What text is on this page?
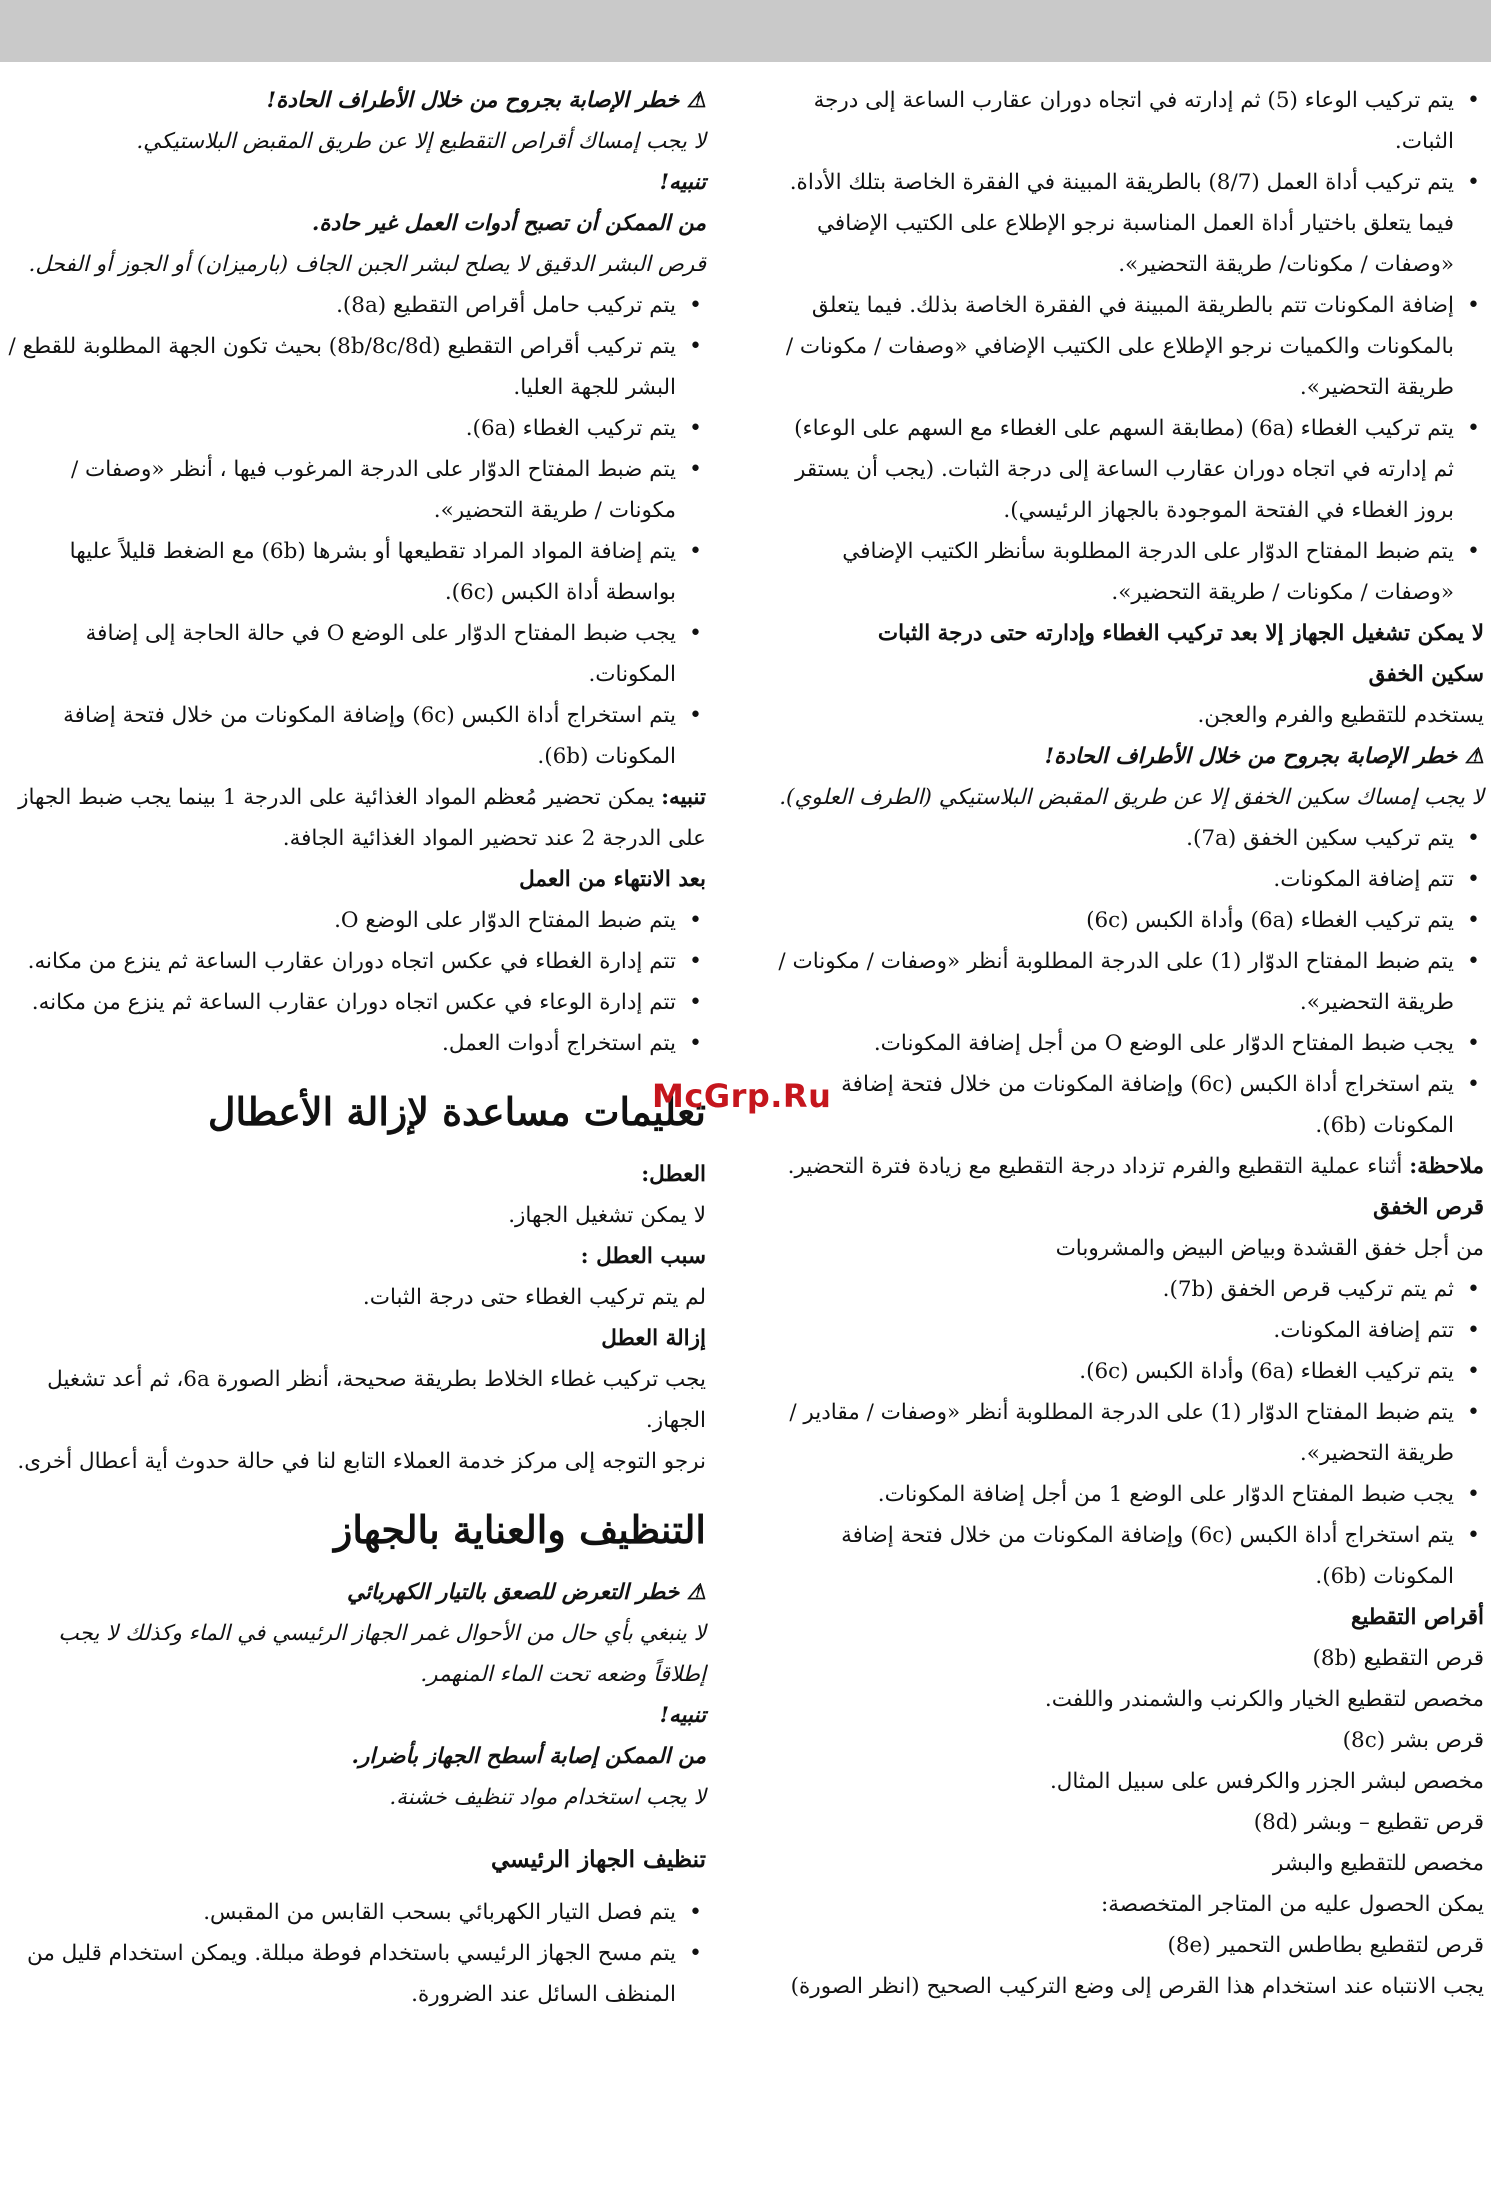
• يتم تركيب الوعاء (5) ثم إدارته في اتجاه دوران عقارب الساعة إلى درجة الثبات.

• يتم تركيب أداة العمل (8/7) بالطريقة المبينة في الفقرة الخاصة بتلك الأداة. فيما يتعلق باختيار أداة العمل المناسبة نرجو الإطلاع على الكتيب الإضافي «وصفات / مكونات/ طريقة التحضير».

• إضافة المكونات تتم بالطريقة المبينة في الفقرة الخاصة بذلك. فيما يتعلق بالمكونات والكميات نرجو الإطلاع على الكتيب الإضافي «وصفات / مكونات / طريقة التحضير».

• يتم تركيب الغطاء (6a) (مطابقة السهم على الغطاء مع السهم على الوعاء) ثم إدارته في اتجاه دوران عقارب الساعة إلى درجة الثبات. (يجب أن يستقر بروز الغطاء في الفتحة الموجودة بالجهاز الرئيسي).

• يتم ضبط المفتاح الدوّار على الدرجة المطلوبة سأنظر الكتيب الإضافي «وصفات / مكونات / طريقة التحضير».

لا يمكن تشغيل الجهاز إلا بعد تركيب الغطاء وإدارته حتى درجة الثبات

سكين الخفق

يستخدم للتقطيع والفرم والعجن.

⚠ خطر الإصابة بجروح من خلال الأطراف الحادة!

لا يجب إمساك سكين الخفق إلا عن طريق المقبض البلاستيكي (الطرف العلوي).

• يتم تركيب سكين الخفق (7a).

• تتم إضافة المكونات.

• يتم تركيب الغطاء (6a) وأداة الكبس (6c)

• يتم ضبط المفتاح الدوّار (1) على الدرجة المطلوبة أنظر «وصفات / مكونات / طريقة التحضير».

• يجب ضبط المفتاح الدوّار على الوضع O من أجل إضافة المكونات.

• يتم استخراج أداة الكبس (6c) وإضافة المكونات من خلال فتحة إضافة المكونات (6b).

ملاحظة: أثناء عملية التقطيع والفرم تزداد درجة التقطيع مع زيادة فترة التحضير.

قرص الخفق

من أجل خفق القشدة وبياض البيض والمشروبات

• ثم يتم تركيب قرص الخفق (7b).

• تتم إضافة المكونات.

• يتم تركيب الغطاء (6a) وأداة الكبس (6c).

• يتم ضبط المفتاح الدوّار (1) على الدرجة المطلوبة أنظر «وصفات / مقادير / طريقة التحضير».

• يجب ضبط المفتاح الدوّار على الوضع 1 من أجل إضافة المكونات.

• يتم استخراج أداة الكبس (6c) وإضافة المكونات من خلال فتحة إضافة المكونات (6b).

أقراص التقطيع

قرص التقطيع (8b)

مخصص لتقطيع الخيار والكرنب والشمندر واللفت.

قرص بشر (8c)

مخصص لبشر الجزر والكرفس على سبيل المثال.

قرص تقطيع – وبشر (8d)

مخصص للتقطيع والبشر

يمكن الحصول عليه من المتاجر المتخصصة:

قرص لتقطيع بطاطس التحمير (8e)

يجب الانتباه عند استخدام هذا القرص إلى وضع التركيب الصحيح (انظر الصورة)

⚠ خطر الإصابة بجروح من خلال الأطراف الحادة!

لا يجب إمساك أقراص التقطيع إلا عن طريق المقبض البلاستيكي.

تنبيه!

من الممكن أن تصبح أدوات العمل غير حادة.

قرص البشر الدقيق لا يصلح لبشر الجبن الجاف (بارميزان) أو الجوز أو الفحل.

• يتم تركيب حامل أقراص التقطيع (8a).

• يتم تركيب أقراص التقطيع (8b/8c/8d) بحيث تكون الجهة المطلوبة للقطع / البشر للجهة العليا.

• يتم تركيب الغطاء (6a).

• يتم ضبط المفتاح الدوّار على الدرجة المرغوب فيها ، أنظر «وصفات / مكونات / طريقة التحضير».

• يتم إضافة المواد المراد تقطيعها أو بشرها (6b) مع الضغط قليلاً عليها بواسطة أداة الكبس (6c).

• يجب ضبط المفتاح الدوّار على الوضع O في حالة الحاجة إلى إضافة المكونات.

• يتم استخراج أداة الكبس (6c) وإضافة المكونات من خلال فتحة إضافة المكونات (6b).

تنبيه: يمكن تحضير مُعظم المواد الغذائية على الدرجة 1 بينما يجب ضبط الجهاز على الدرجة 2 عند تحضير المواد الغذائية الجافة.

بعد الانتهاء من العمل

• يتم ضبط المفتاح الدوّار على الوضع O.

• تتم إدارة الغطاء في عكس اتجاه دوران عقارب الساعة ثم ينزع من مكانه.

• تتم إدارة الوعاء في عكس اتجاه دوران عقارب الساعة ثم ينزع من مكانه.

• يتم استخراج أدوات العمل.

تعليمات مساعدة لإزالة الأعطال

العطل:

لا يمكن تشغيل الجهاز.

سبب العطل :

لم يتم تركيب الغطاء حتى درجة الثبات.

إزالة العطل

يجب تركيب غطاء الخلاط بطريقة صحيحة، أنظر الصورة 6a، ثم أعد تشغيل الجهاز.

نرجو التوجه إلى مركز خدمة العملاء التابع لنا في حالة حدوث أية أعطال أخرى.

التنظيف والعناية بالجهاز

⚠ خطر التعرض للصعق بالتيار الكهربائي

لا ينبغي بأي حال من الأحوال غمر الجهاز الرئيسي في الماء وكذلك لا يجب إطلاقاً وضعه تحت الماء المنهمر.

تنبيه!

من الممكن إصابة أسطح الجهاز بأضرار.

لا يجب استخدام مواد تنظيف خشنة.

تنظيف الجهاز الرئيسي

• يتم فصل التيار الكهربائي بسحب القابس من المقبس.

• يتم مسح الجهاز الرئيسي باستخدام فوطة مبللة. ويمكن استخدام قليل من المنظف السائل عند الضرورة.

McGrp.Ru
